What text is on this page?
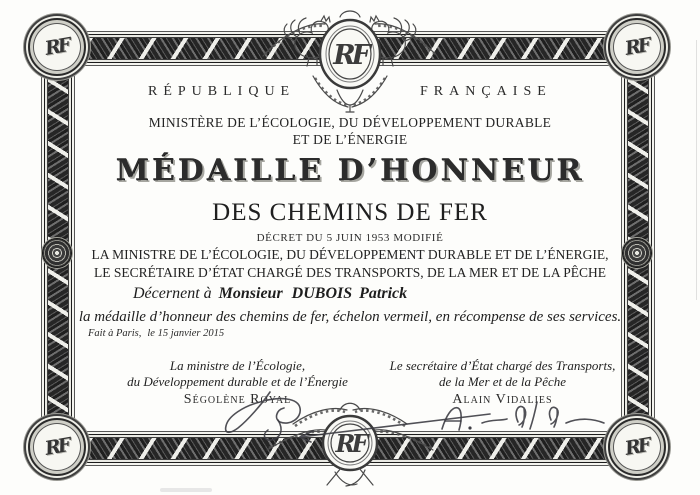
RF	RF
RF	RF
RF
RF
RÉPUBLIQUE	FRANÇAISE
MINISTÈRE DE L’ÉCOLOGIE, DU DÉVELOPPEMENT DURABLE
ET DE L’ÉNERGIE
MÉDAILLE D’HONNEUR
DES CHEMINS DE FER
DÉCRET DU 5 JUIN 1953 MODIFIÉ
LA MINISTRE DE L’ÉCOLOGIE, DU DÉVELOPPEMENT DURABLE ET DE L’ÉNERGIE,
LE SECRÉTAIRE D’ÉTAT CHARGÉ DES TRANSPORTS, DE LA MER ET DE LA PÊCHE
Décernent à Monsieur DUBOIS Patrick
la médaille d’honneur des chemins de fer, échelon vermeil, en récompense de ses services.
Fait à Paris, le 15 janvier 2015
La ministre de l’Écologie,
du Développement durable et de l’Énergie
Ségolène Royal
Le secrétaire d’État chargé des Transports,
de la Mer et de la Pêche
Alain Vidalies
